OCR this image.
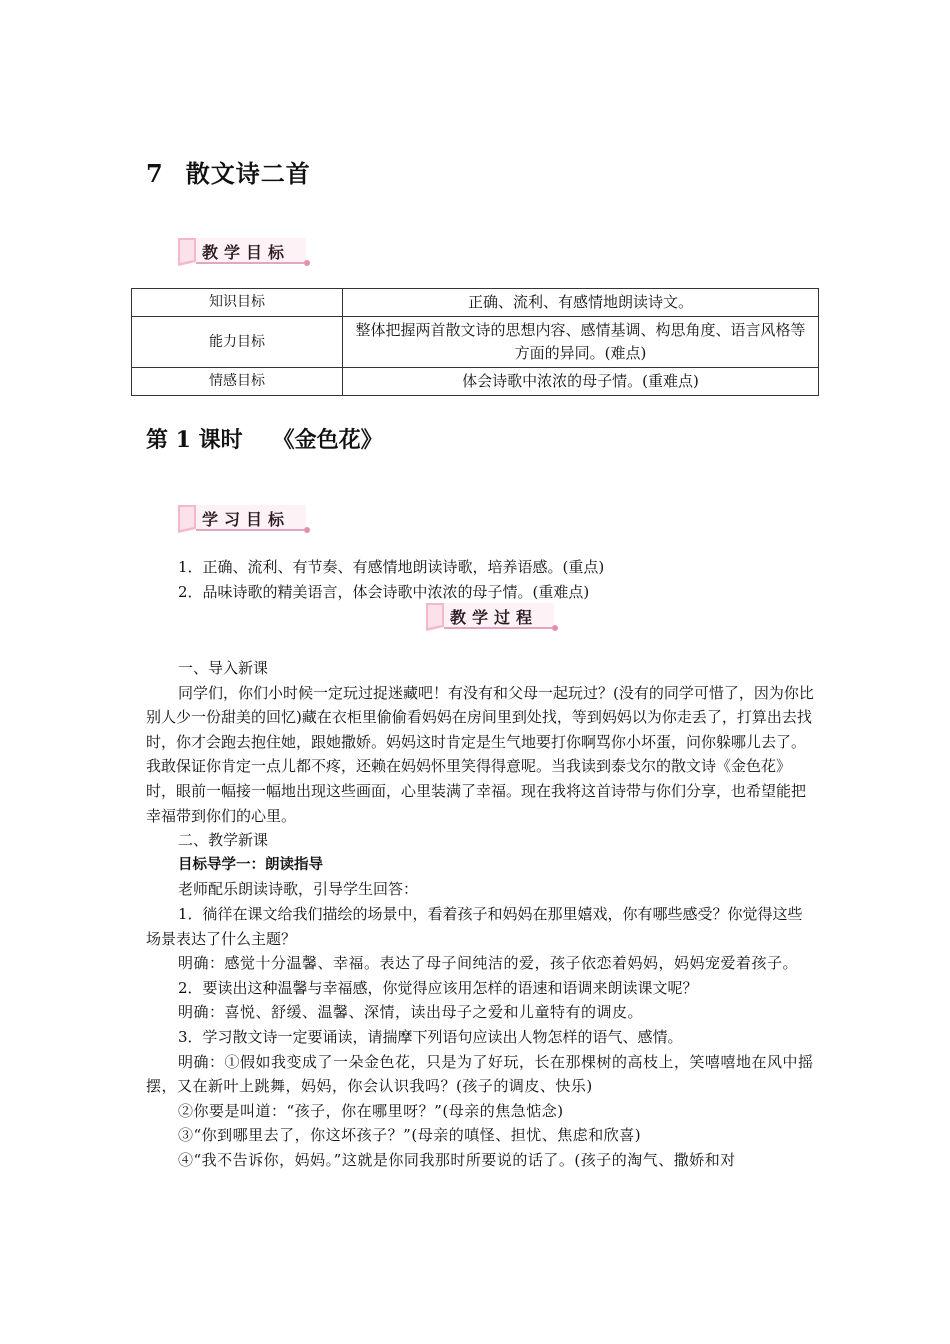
7 散文诗二首
教学目标
知识目标	正确、流利、有感情地朗读诗文。
能力目标	整体把握两首散文诗的思想内容、感情基调、构思角度、语言风格等方面的异同。(难点)
情感目标	体会诗歌中浓浓的母子情。(重难点)
第 1 课时 《金色花》
学习目标
1．正确、流利、有节奏、有感情地朗读诗歌，培养语感。(重点)
2．品味诗歌的精美语言，体会诗歌中浓浓的母子情。(重难点)
教学过程

一、导入新课

同学们，你们小时候一定玩过捉迷藏吧！有没有和父母一起玩过？(没有的同学可惜了，因为你比别人少一份甜美的回忆)藏在衣柜里偷偷看妈妈在房间里到处找，等到妈妈以为你走丢了，打算出去找时，你才会跑去抱住她，跟她撒娇。妈妈这时肯定是生气地要打你啊骂你小坏蛋，问你躲哪儿去了。我敢保证你肯定一点儿都不疼，还赖在妈妈怀里笑得得意呢。当我读到泰戈尔的散文诗《金色花》时，眼前一幅接一幅地出现这些画面，心里装满了幸福。现在我将这首诗带与你们分享，也希望能把幸福带到你们的心里。

二、教学新课

目标导学一：朗读指导

老师配乐朗读诗歌，引导学生回答：

1．徜徉在课文给我们描绘的场景中，看着孩子和妈妈在那里嬉戏，你有哪些感受？你觉得这些场景表达了什么主题？

明确：感觉十分温馨、幸福。表达了母子间纯洁的爱，孩子依恋着妈妈，妈妈宠爱着孩子。

2．要读出这种温馨与幸福感，你觉得应该用怎样的语速和语调来朗读课文呢？

明确：喜悦、舒缓、温馨、深情，读出母子之爱和儿童特有的调皮。

3．学习散文诗一定要诵读，请揣摩下列语句应读出人物怎样的语气、感情。

明确：①假如我变成了一朵金色花，只是为了好玩，长在那棵树的高枝上，笑嘻嘻地在风中摇摆，又在新叶上跳舞，妈妈，你会认识我吗？(孩子的调皮、快乐)

②你要是叫道：“孩子，你在哪里呀？”(母亲的焦急惦念)

③“你到哪里去了，你这坏孩子？”(母亲的嗔怪、担忧、焦虑和欣喜)

④“我不告诉你，妈妈。”这就是你同我那时所要说的话了。(孩子的淘气、撒娇和对
